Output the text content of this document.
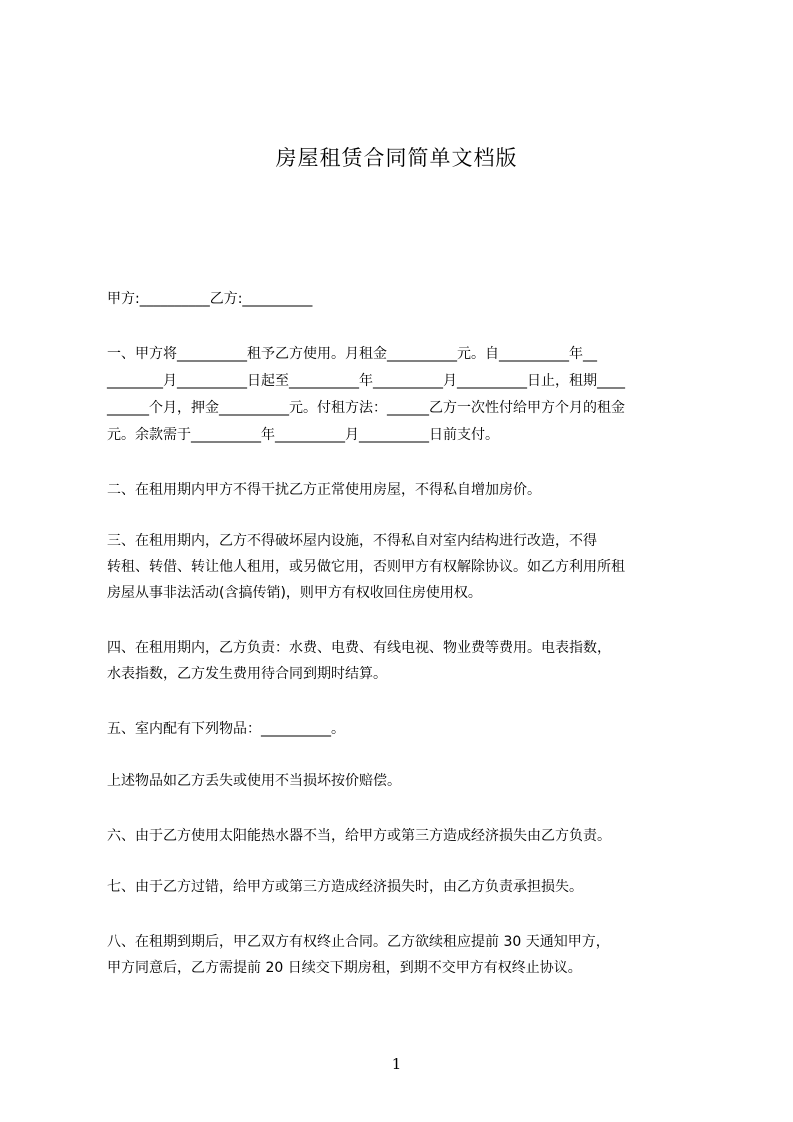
房屋租赁合同简单文档版
甲方:__________乙方:__________
一、甲方将__________租予乙方使用。月租金__________元。自__________年__
________月__________日起至__________年__________月__________日止，租期____
______个月，押金__________元。付租方法：______乙方一次性付给甲方个月的租金
元。余款需于__________年__________月__________日前支付。
二、在租用期内甲方不得干扰乙方正常使用房屋，不得私自增加房价。
三、在租用期内，乙方不得破坏屋内设施，不得私自对室内结构进行改造，不得
转租、转借、转让他人租用，或另做它用，否则甲方有权解除协议。如乙方利用所租
房屋从事非法活动(含搞传销)，则甲方有权收回住房使用权。
四、在租用期内，乙方负责：水费、电费、有线电视、物业费等费用。电表指数，
水表指数，乙方发生费用待合同到期时结算。
五、室内配有下列物品：__________。
上述物品如乙方丢失或使用不当损坏按价赔偿。
六、由于乙方使用太阳能热水器不当，给甲方或第三方造成经济损失由乙方负责。
七、由于乙方过错，给甲方或第三方造成经济损失时，由乙方负责承担损失。
八、在租期到期后，甲乙双方有权终止合同。乙方欲续租应提前 30 天通知甲方，
甲方同意后，乙方需提前 20 日续交下期房租，到期不交甲方有权终止协议。
1
